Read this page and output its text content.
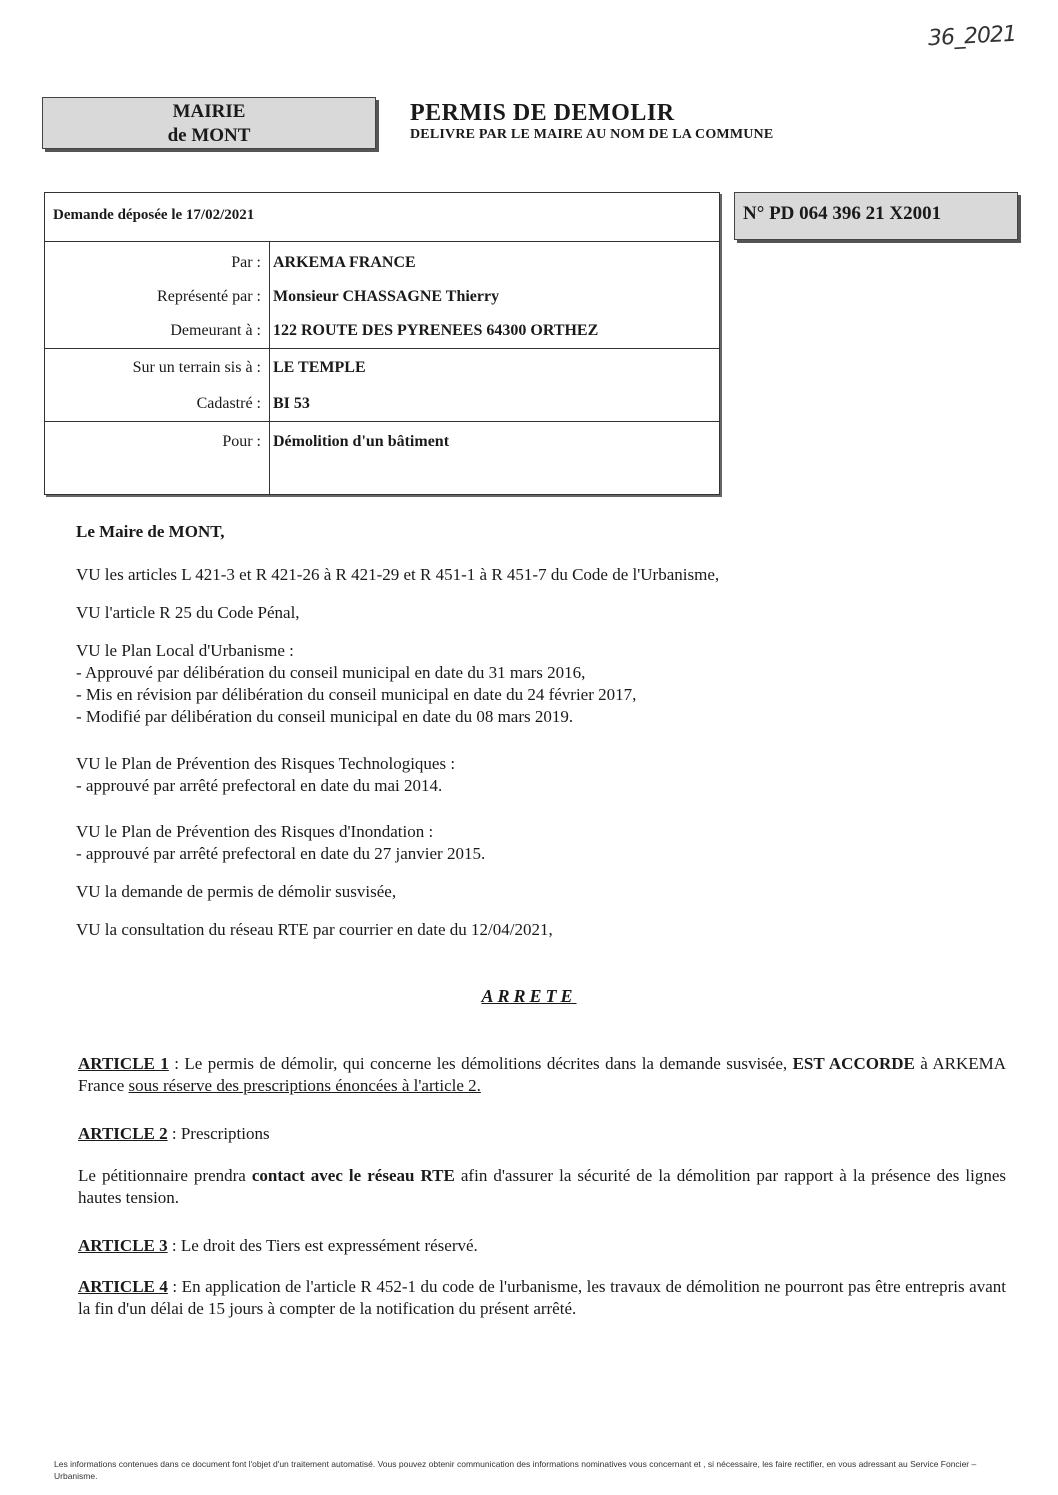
36_2021
MAIRIE
de MONT
PERMIS DE DEMOLIR
DELIVRE PAR LE MAIRE AU NOM DE LA COMMUNE
Demande déposée le 17/02/2021
Par : ARKEMA FRANCE
Représenté par : Monsieur CHASSAGNE Thierry
Demeurant à : 122 ROUTE DES PYRENEES 64300 ORTHEZ
Sur un terrain sis à : LE TEMPLE
Cadastré : BI 53
Pour : Démolition d'un bâtiment
N° PD 064 396 21 X2001
Le Maire de MONT,
VU les articles L 421-3 et R 421-26 à R 421-29 et R 451-1 à R 451-7 du Code de l'Urbanisme,
VU l'article R 25 du Code Pénal,
VU le Plan Local d'Urbanisme :
- Approuvé par délibération du conseil municipal en date du 31 mars 2016,
- Mis en révision par délibération du conseil municipal en date du 24 février 2017,
- Modifié par délibération du conseil municipal en date du 08 mars 2019.
VU le Plan de Prévention des Risques Technologiques :
- approuvé par arrêté prefectoral en date du mai 2014.
VU le Plan de Prévention des Risques d'Inondation :
- approuvé par arrêté prefectoral en date du 27 janvier 2015.
VU la demande de permis de démolir susvisée,
VU la consultation du réseau RTE par courrier en date du 12/04/2021,
ARRETE
ARTICLE 1 : Le permis de démolir, qui concerne les démolitions décrites dans la demande susvisée, EST ACCORDE à ARKEMA France sous réserve des prescriptions énoncées à l'article 2.
ARTICLE 2 : Prescriptions
Le pétitionnaire prendra contact avec le réseau RTE afin d'assurer la sécurité de la démolition par rapport à la présence des lignes hautes tension.
ARTICLE 3 : Le droit des Tiers est expressément réservé.
ARTICLE 4 : En application de l'article R 452-1 du code de l'urbanisme, les travaux de démolition ne pourront pas être entrepris avant la fin d'un délai de 15 jours à compter de la notification du présent arrêté.
Les informations contenues dans ce document font l'objet d'un traitement automatisé. Vous pouvez obtenir communication des informations nominatives vous concernant et , si nécessaire, les faire rectifier, en vous adressant au Service Foncier – Urbanisme.
